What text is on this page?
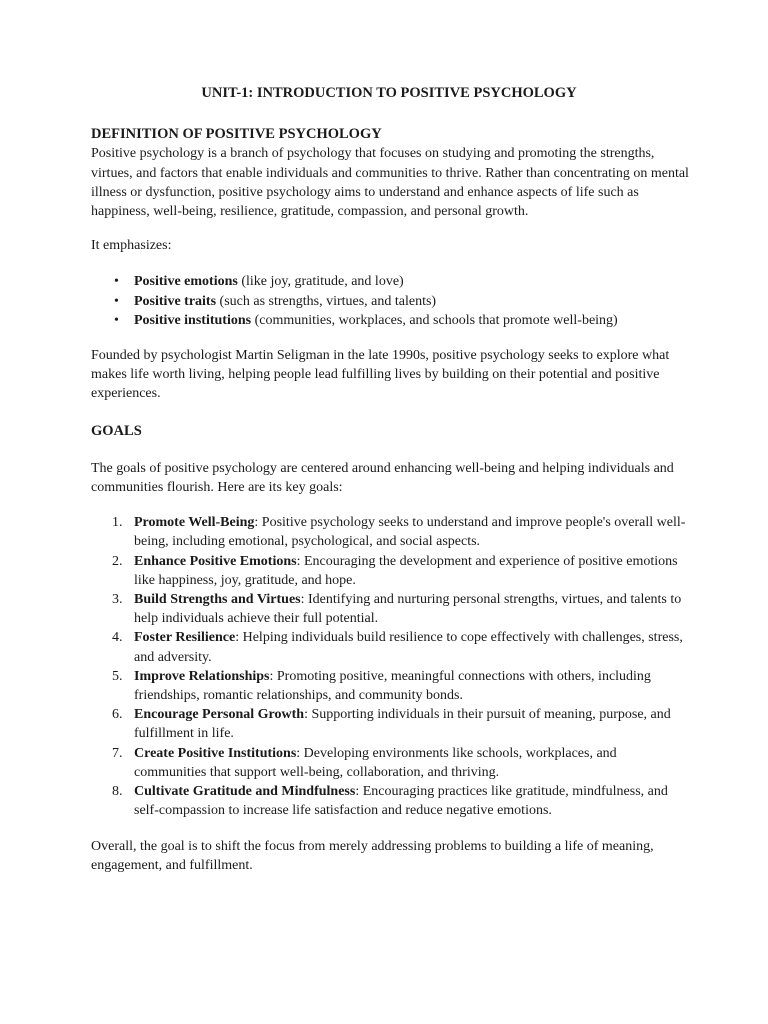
UNIT-1: INTRODUCTION TO POSITIVE PSYCHOLOGY
DEFINITION OF POSITIVE PSYCHOLOGY

Positive psychology is a branch of psychology that focuses on studying and promoting the strengths, virtues, and factors that enable individuals and communities to thrive. Rather than concentrating on mental illness or dysfunction, positive psychology aims to understand and enhance aspects of life such as happiness, well-being, resilience, gratitude, compassion, and personal growth.

It emphasizes:

• Positive emotions (like joy, gratitude, and love)
• Positive traits (such as strengths, virtues, and talents)
• Positive institutions (communities, workplaces, and schools that promote well-being)

Founded by psychologist Martin Seligman in the late 1990s, positive psychology seeks to explore what makes life worth living, helping people lead fulfilling lives by building on their potential and positive experiences.

GOALS

The goals of positive psychology are centered around enhancing well-being and helping individuals and communities flourish. Here are its key goals:

1. Promote Well-Being: Positive psychology seeks to understand and improve people's overall well-being, including emotional, psychological, and social aspects.
2. Enhance Positive Emotions: Encouraging the development and experience of positive emotions like happiness, joy, gratitude, and hope.
3. Build Strengths and Virtues: Identifying and nurturing personal strengths, virtues, and talents to help individuals achieve their full potential.
4. Foster Resilience: Helping individuals build resilience to cope effectively with challenges, stress, and adversity.
5. Improve Relationships: Promoting positive, meaningful connections with others, including friendships, romantic relationships, and community bonds.
6. Encourage Personal Growth: Supporting individuals in their pursuit of meaning, purpose, and fulfillment in life.
7. Create Positive Institutions: Developing environments like schools, workplaces, and communities that support well-being, collaboration, and thriving.
8. Cultivate Gratitude and Mindfulness: Encouraging practices like gratitude, mindfulness, and self-compassion to increase life satisfaction and reduce negative emotions.

Overall, the goal is to shift the focus from merely addressing problems to building a life of meaning, engagement, and fulfillment.
